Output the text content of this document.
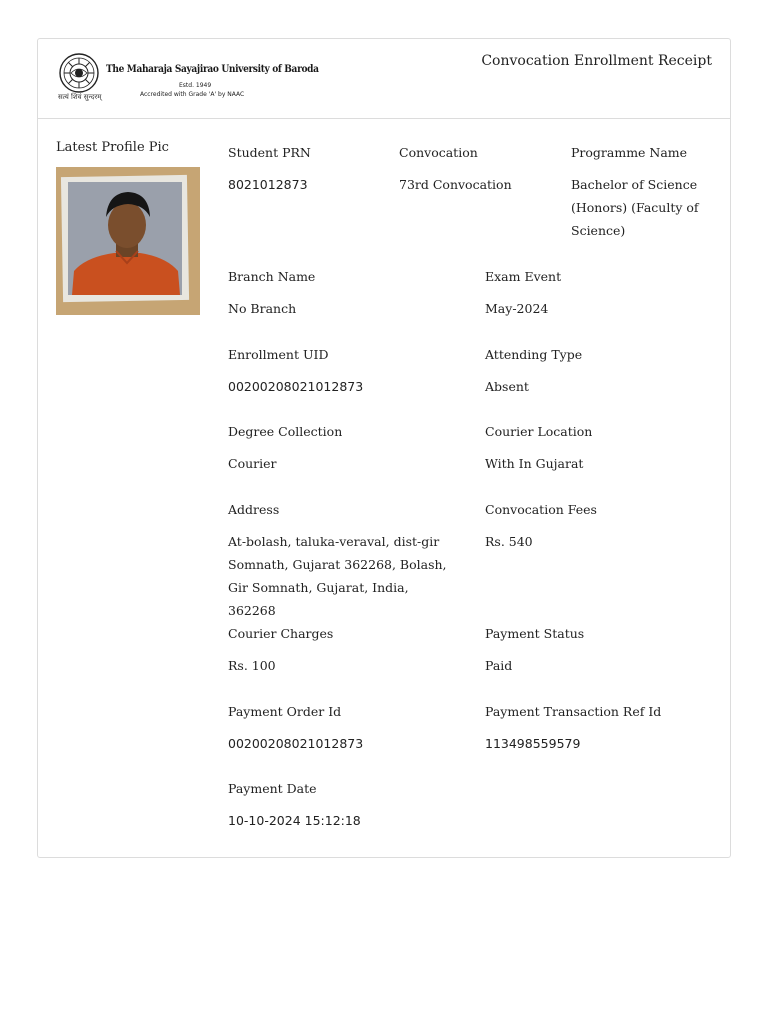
सत्यं शिवं सुन्दरम्
The Maharaja Sayajirao University of Baroda
Estd. 1949
Accredited with Grade 'A' by NAAC
Convocation Enrollment Receipt
Latest Profile Pic	Student PRN
8021012873
Convocation
73rd Convocation
Programme Name
Bachelor of Science (Honors) (Faculty of Science)
Branch Name
No Branch
Exam Event
May-2024
Enrollment UID
00200208021012873
Attending Type
Absent
Degree Collection
Courier
Courier Location
With In Gujarat
Address
At-bolash, taluka-veraval, dist-gir Somnath, Gujarat 362268, Bolash, Gir Somnath, Gujarat, India, 362268
Convocation Fees
Rs. 540
Courier Charges
Rs. 100
Payment Status
Paid
Payment Order Id
00200208021012873
Payment Transaction Ref Id
113498559579
Payment Date
10-10-2024 15:12:18
